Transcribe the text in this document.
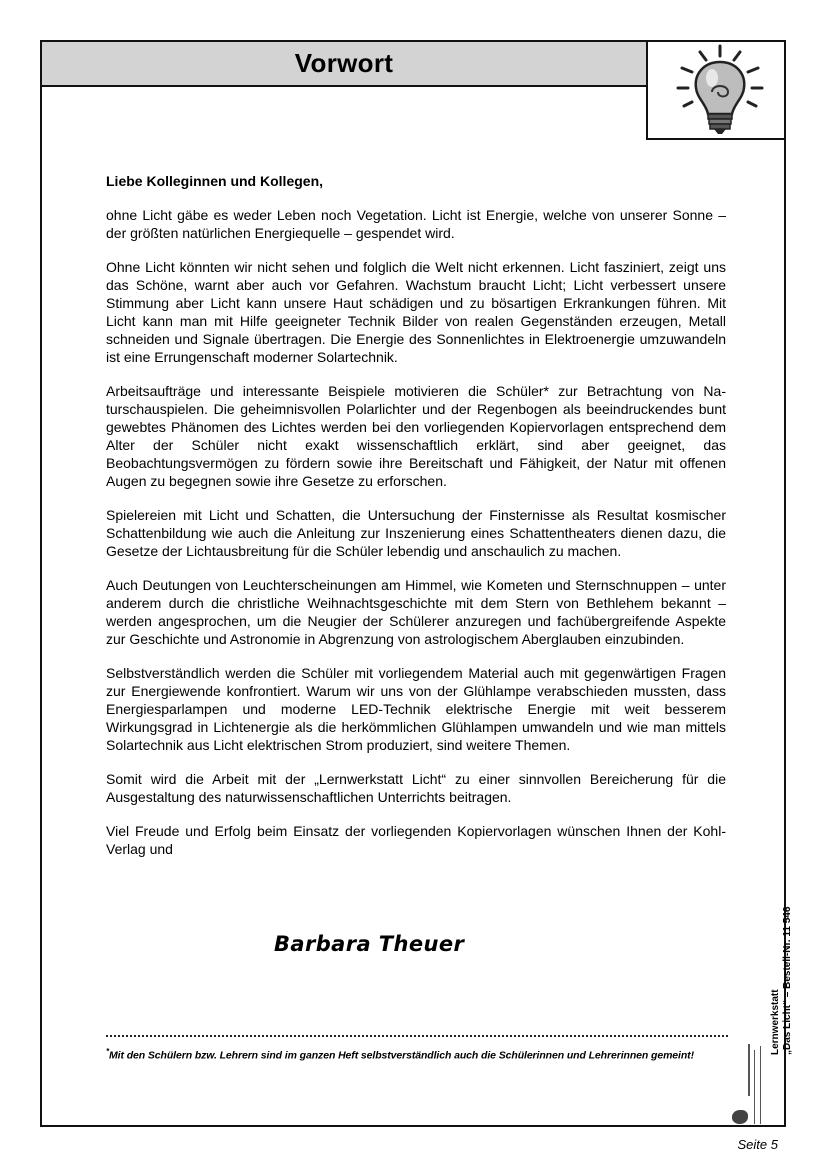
Vorwort

Liebe Kolleginnen und Kollegen,

ohne Licht gäbe es weder Leben noch Vegetation. Licht ist Energie, welche von unserer Sonne – der größten natürlichen Energiequelle – gespendet wird.

Ohne Licht könnten wir nicht sehen und folglich die Welt nicht erkennen. Licht fasziniert, zeigt uns das Schöne, warnt aber auch vor Gefahren. Wachstum braucht Licht; Licht verbessert unsere Stimmung aber Licht kann unsere Haut schädigen und zu bösartigen Erkrankungen führen. Mit Licht kann man mit Hilfe geeigneter Technik Bilder von realen Gegenständen erzeugen, Metall schneiden und Signale übertragen. Die Energie des Sonnenlichtes in Elektroenergie umzuwandeln ist eine Errungenschaft moderner Solartechnik.

Arbeitsaufträge und interessante Beispiele motivieren die Schüler* zur Betrachtung von Naturschauspielen. Die geheimnisvollen Polarlichter und der Regenbogen als beeindruckendes bunt gewebtes Phänomen des Lichtes werden bei den vorliegenden Kopiervorlagen entsprechend dem Alter der Schüler nicht exakt wissenschaftlich erklärt, sind aber geeignet, das Beobachtungsvermögen zu fördern sowie ihre Bereitschaft und Fähigkeit, der Natur mit offenen Augen zu begegnen sowie ihre Gesetze zu erforschen.

Spielereien mit Licht und Schatten, die Untersuchung der Finsternisse als Resultat kosmischer Schattenbildung wie auch die Anleitung zur Inszenierung eines Schattentheaters dienen dazu, die Gesetze der Lichtausbreitung für die Schüler lebendig und anschaulich zu machen.

Auch Deutungen von Leuchterscheinungen am Himmel, wie Kometen und Sternschnuppen – unter anderem durch die christliche Weihnachtsgeschichte mit dem Stern von Bethlehem bekannt – werden angesprochen, um die Neugier der Schülerer anzuregen und fachübergreifende Aspekte zur Geschichte und Astronomie in Abgrenzung von astrologischem Aberglauben einzubinden.

Selbstverständlich werden die Schüler mit vorliegendem Material auch mit gegenwärtigen Fragen zur Energiewende konfrontiert. Warum wir uns von der Glühlampe verabschieden mussten, dass Energiesparlampen und moderne LED-Technik elektrische Energie mit weit besserem Wirkungsgrad in Lichtenergie als die herkömmlichen Glühlampen umwandeln und wie man mittels Solartechnik aus Licht elektrischen Strom produziert, sind weitere Themen.

Somit wird die Arbeit mit der „Lernwerkstatt Licht“ zu einer sinnvollen Bereicherung für die Ausgestaltung des naturwissenschaftlichen Unterrichts beitragen.

Viel Freude und Erfolg beim Einsatz der vorliegenden Kopiervorlagen wünschen Ihnen der Kohl-Verlag und

Barbara Theuer
*Mit den Schülern bzw. Lehrern sind im ganzen Heft selbstverständlich auch die Schülerinnen und Lehrerinnen gemeint!
Lernwerkstatt „Das Licht“ – Bestell-Nr. 11 546
Seite 5
